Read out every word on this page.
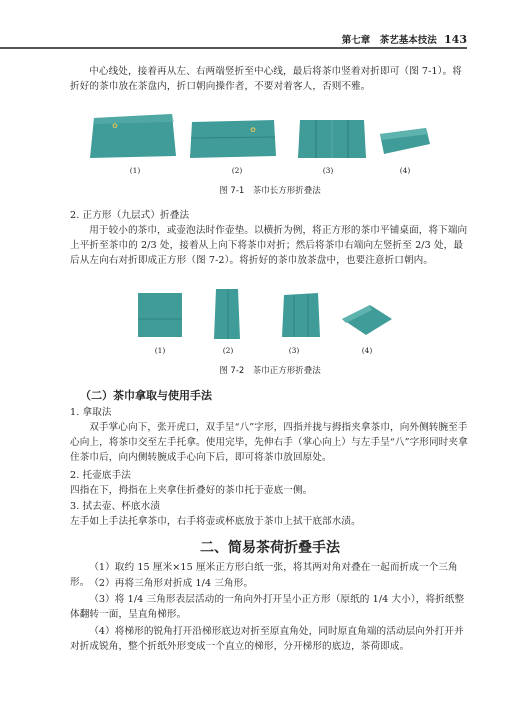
第七章　茶艺基本技法 143
中心线处，接着再从左、右两端竖折至中心线，最后将茶巾竖着对折即可（图 7-1）。将折好的茶巾放在茶盘内，折口朝向操作者，不要对着客人，否则不雅。
✿	✿
(1)	(2)	(3)	(4)
图 7-1　茶巾长方形折叠法
2. 正方形（九层式）折叠法
用于较小的茶巾，或壶泡法时作壶垫。以横折为例，将正方形的茶巾平铺桌面，将下端向上平折至茶巾的 2/3 处，接着从上向下将茶巾对折；然后将茶巾右端向左竖折至 2/3 处，最后从左向右对折即成正方形（图 7-2）。将折好的茶巾放茶盘中，也要注意折口朝内。
(1)	(2)	(3)	(4)
图 7-2　茶巾正方形折叠法
（二）茶巾拿取与使用手法
1. 拿取法
双手掌心向下，张开虎口，双手呈“八”字形，四指并拢与拇指夹拿茶巾，向外侧转腕至手心向上，将茶巾交至左手托拿。使用完毕，先伸右手（掌心向上）与左手呈“八”字形同时夹拿住茶巾后，向内侧转腕成手心向下后，即可将茶巾放回原处。
2. 托壶底手法
四指在下，拇指在上夹拿住折叠好的茶巾托于壶底一侧。
3. 拭去壶、杯底水渍
左手如上手法托拿茶巾，右手将壶或杯底放于茶巾上拭干底部水渍。
二、简易茶荷折叠手法
（1）取约 15 厘米×15 厘米正方形白纸一张，将其两对角对叠在一起而折成一个三角形。 （2）再将三角形对折成 1/4 三角形。
（3）将 1/4 三角形表层活动的一角向外打开呈小正方形（原纸的 1/4 大小），将折纸整体翻转一面，呈直角梯形。
（4）将梯形的锐角打开沿梯形底边对折至原直角处，同时原直角端的活动层向外打开并对折成锐角，整个折纸外形变成一个直立的梯形，分开梯形的底边，茶荷即成。
